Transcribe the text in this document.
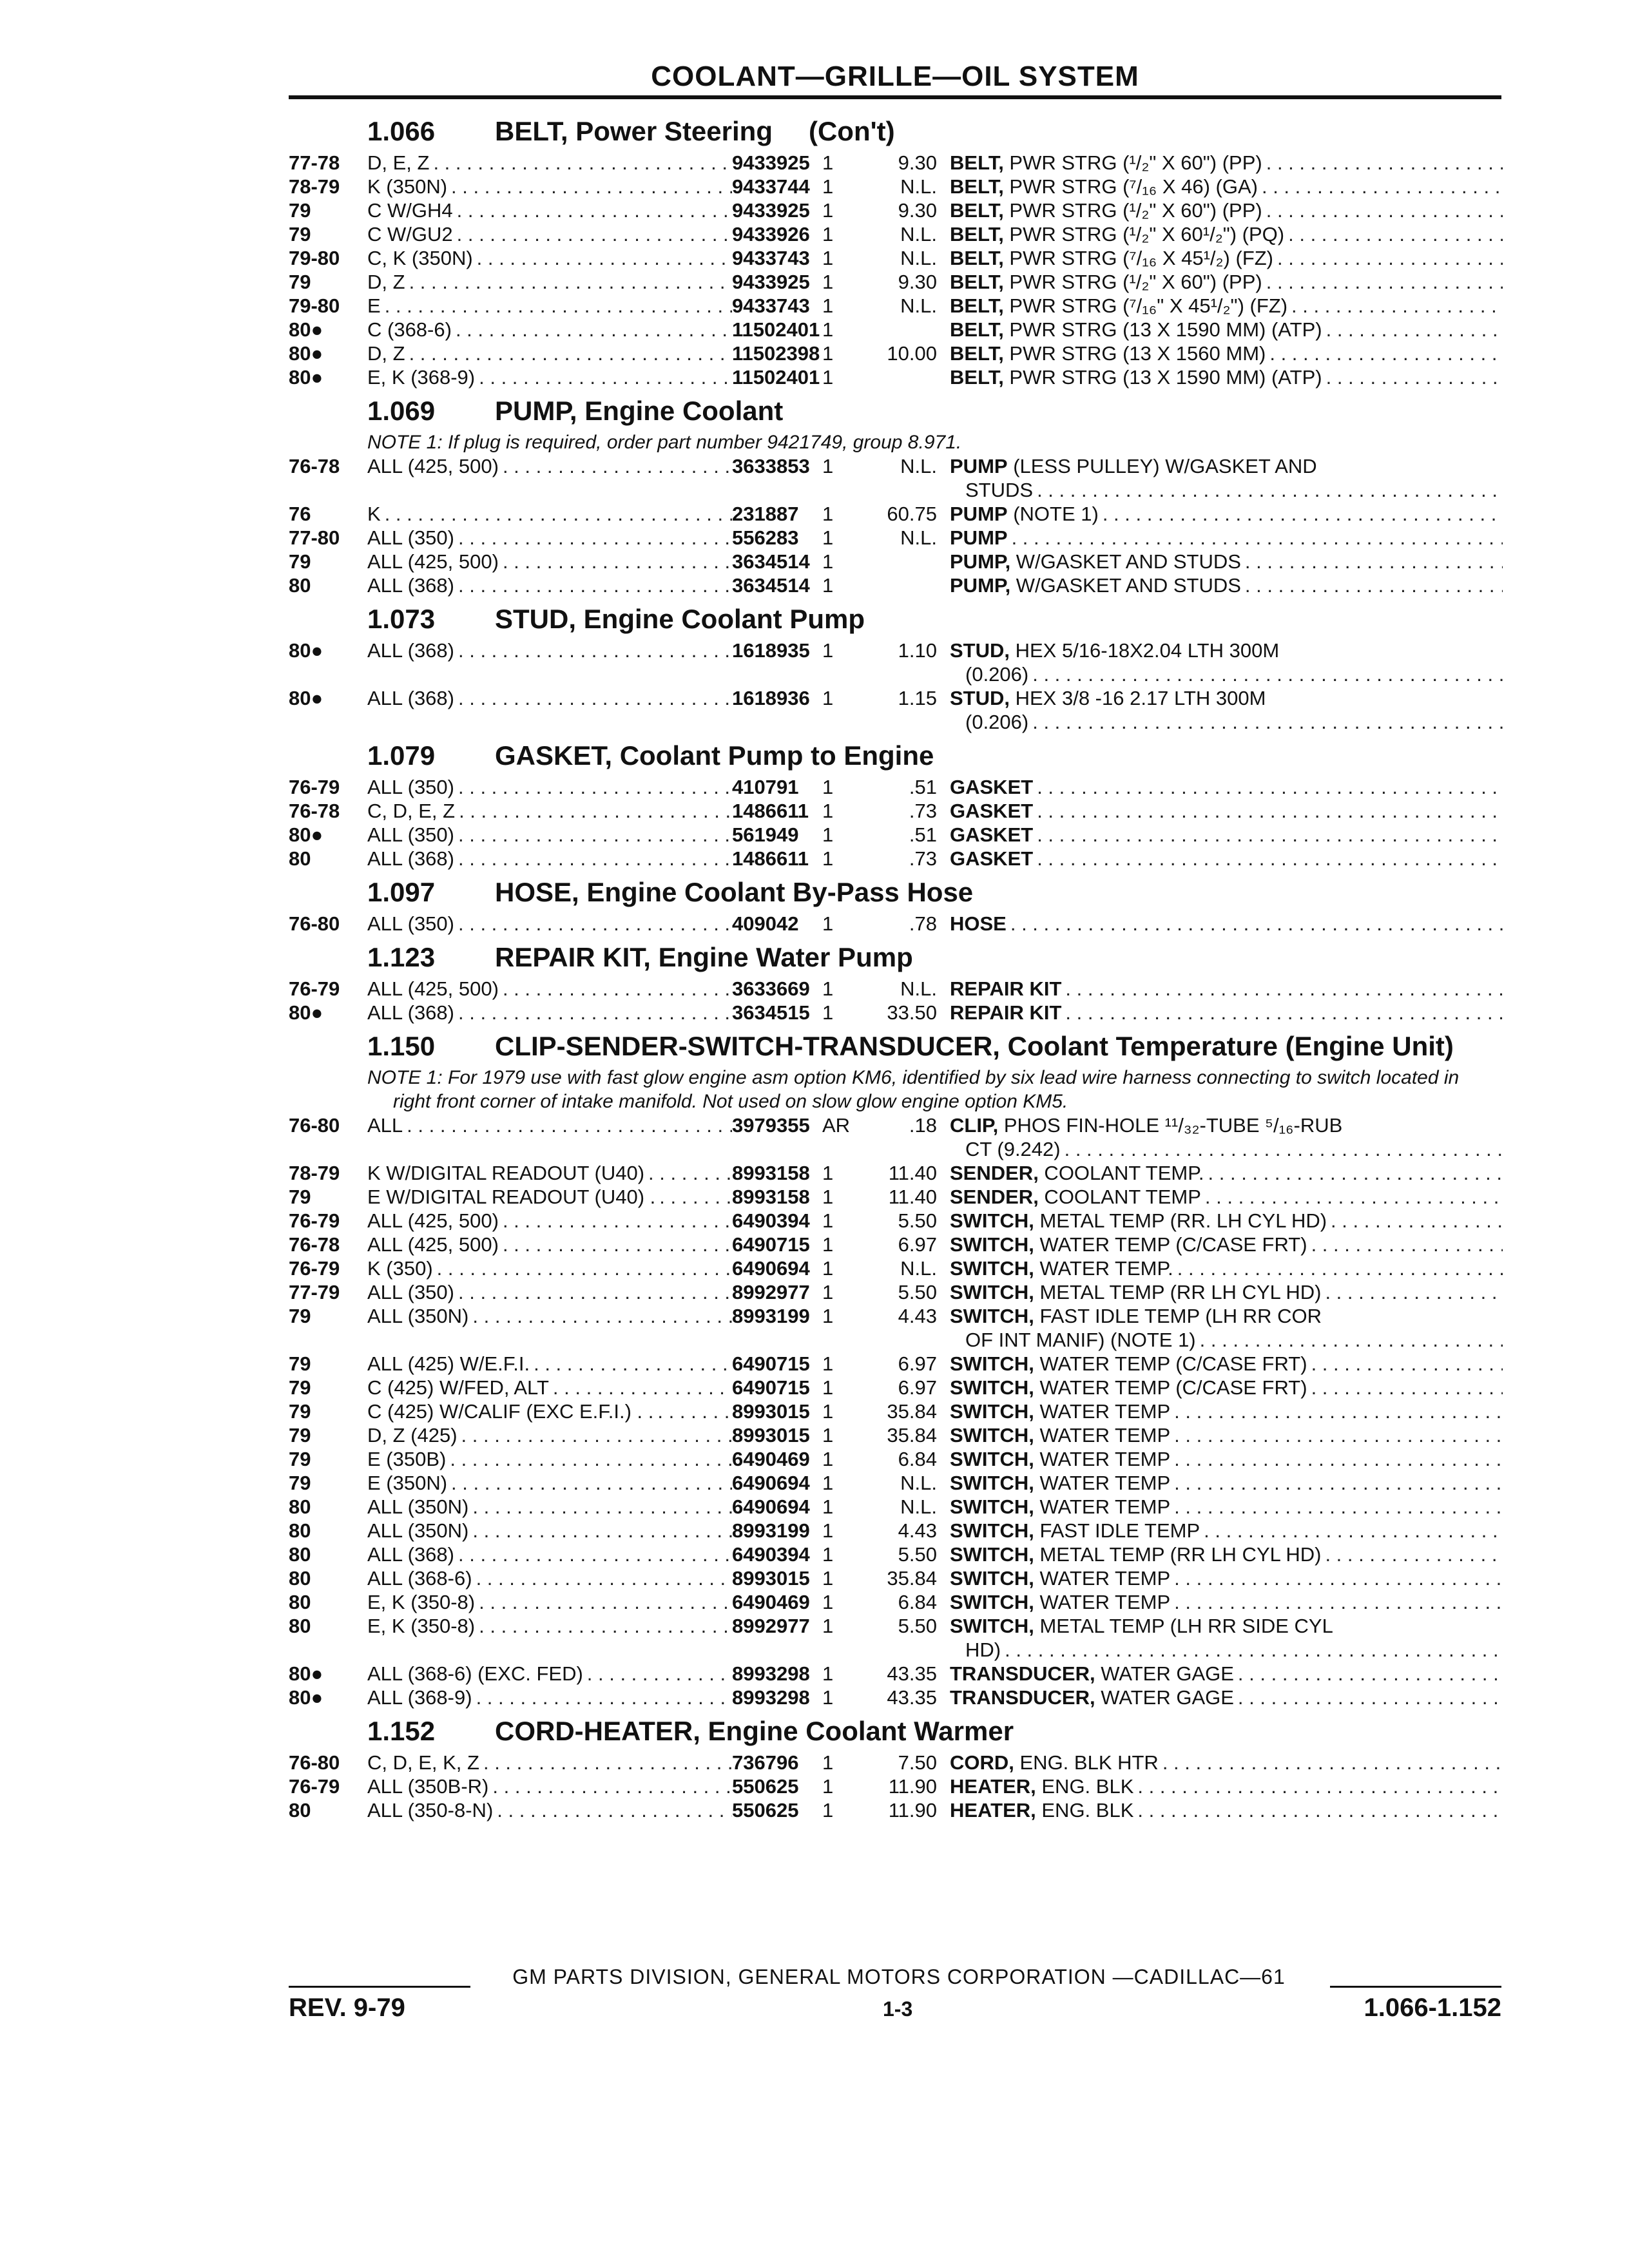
COOLANT—GRILLE—OIL SYSTEM
1.066	BELT, Power Steering (Con't)
77-78	D, E, Z . . .	9433925 1	9.30 BELT, PWR STRG (¹/₂" X 60") (PP)
. . .
78-79	K (350N) . . .	9433744 1	N.L. BELT, PWR STRG (⁷/₁₆ X 46) (GA)
. . .
79	C W/GH4 . . .	9433925 1	9.30 BELT, PWR STRG (¹/₂" X 60") (PP)
. . .
79	C W/GU2 . . .	9433926 1	N.L. BELT, PWR STRG (¹/₂" X 60¹/₂") (PQ)
. . .
79-80	C, K (350N) . . .	9433743 1	N.L. BELT, PWR STRG (⁷/₁₆ X 45¹/₂) (FZ)
. . .
79	D, Z . . .	9433925 1	9.30 BELT, PWR STRG (¹/₂" X 60") (PP)
. . .
79-80	E . . .	9433743 1	N.L. BELT, PWR STRG (⁷/₁₆" X 45¹/₂") (FZ)
. . .
80●	C (368-6) . . .	11502401 1	BELT, PWR STRG (13 X 1590 MM) (ATP)
. . .
80●	D, Z . . .	11502398 1	10.00 BELT, PWR STRG (13 X 1560 MM)
. . .
80●	E, K (368-9) . . .	11502401 1	BELT, PWR STRG (13 X 1590 MM) (ATP)
. . .
1.069	PUMP, Engine Coolant
NOTE 1: If plug is required, order part number 9421749, group 8.971.
76-78	ALL (425, 500) . . .	3633853 1	N.L. PUMP (LESS PULLEY) W/GASKET AND
STUDS
. . .
76	K . . .	231887	1	60.75 PUMP (NOTE 1)
. . .
77-80	ALL (350) . . .	556283	1	N.L. PUMP
. . .
79	ALL (425, 500) . . .	3634514 1	PUMP, W/GASKET AND STUDS
. . .
80	ALL (368) . . .	3634514 1	PUMP, W/GASKET AND STUDS
. . .
1.073	STUD, Engine Coolant Pump
80●	ALL (368) . . .	1618935 1	1.10 STUD, HEX 5/16-18X2.04 LTH 300M
(0.206)
. . .
80●	ALL (368) . . .	1618936 1	1.15 STUD, HEX 3/8 -16 2.17 LTH 300M
(0.206)
. . .
1.079	GASKET, Coolant Pump to Engine
76-79	ALL (350) . . .	410791	1	.51 GASKET
. . .
76-78	C, D, E, Z . . .	1486611 1	.73 GASKET
. . .
80●	ALL (350) . . .	561949	1	.51 GASKET
. . .
80	ALL (368) . . .	1486611 1	.73 GASKET
. . .
1.097	HOSE, Engine Coolant By-Pass Hose
76-80	ALL (350) . . .	409042	1	.78 HOSE
. . .
1.123	REPAIR KIT, Engine Water Pump
76-79	ALL (425, 500) . . .	3633669 1	N.L. REPAIR KIT
. . .
80●	ALL (368) . . .	3634515 1	33.50 REPAIR KIT
. . .
1.150	CLIP-SENDER-SWITCH-TRANSDUCER, Coolant Temperature (Engine Unit)
NOTE 1: For 1979 use with fast glow engine asm option KM6, identified by six lead wire harness connecting to switch located in right front corner of intake manifold. Not used on slow glow engine option KM5.
76-80	ALL . . .	3979355 AR	.18 CLIP, PHOS FIN-HOLE ¹¹/₃₂-TUBE ⁵/₁₆-RUB
CT (9.242)
. . .
78-79	K W/DIGITAL READOUT (U40) . . .	8993158 1	11.40 SENDER, COOLANT TEMP.
. . .
79	E W/DIGITAL READOUT (U40) . . . .	8993158 1	11.40 SENDER, COOLANT TEMP
. . .
76-79	ALL (425, 500) . . .	6490394 1	5.50 SWITCH, METAL TEMP (RR. LH CYL HD)
. . .
76-78	ALL (425, 500) . . .	6490715 1	6.97 SWITCH, WATER TEMP (C/CASE FRT)
. . .
76-79	K (350) . . .	6490694 1	N.L. SWITCH, WATER TEMP.
. . .
77-79	ALL (350) . . .	8992977 1	5.50 SWITCH, METAL TEMP (RR LH CYL HD)
. . .
79	ALL (350N) . . .	8993199 1	4.43 SWITCH, FAST IDLE TEMP (LH RR COR
OF INT MANIF) (NOTE 1)
. . .
79	ALL (425) W/E.F.I. . . .	6490715 1	6.97 SWITCH, WATER TEMP (C/CASE FRT)
. . .
79	C (425) W/FED, ALT . . .	6490715 1	6.97 SWITCH, WATER TEMP (C/CASE FRT)
. . .
79	C (425) W/CALIF (EXC E.F.I.) . . . . .	8993015 1	35.84 SWITCH, WATER TEMP
. . .
79	D, Z (425) . . .	8993015 1	35.84 SWITCH, WATER TEMP
. . .
79	E (350B) . . .	6490469 1	6.84 SWITCH, WATER TEMP
. . .
79	E (350N) . . .	6490694 1	N.L. SWITCH, WATER TEMP
. . .
80	ALL (350N) . . .	6490694 1	N.L. SWITCH, WATER TEMP
. . .
80	ALL (350N) . . .	8993199 1	4.43 SWITCH, FAST IDLE TEMP
. . .
80	ALL (368) . . .	6490394 1	5.50 SWITCH, METAL TEMP (RR LH CYL HD)
. . .
80	ALL (368-6) . . .	8993015 1	35.84 SWITCH, WATER TEMP
. . .
80	E, K (350-8) . . .	6490469 1	6.84 SWITCH, WATER TEMP
. . .
80	E, K (350-8) . . .	8992977 1	5.50 SWITCH, METAL TEMP (LH RR SIDE CYL
HD)
. . .
80●	ALL (368-6) (EXC. FED) . . .	8993298 1	43.35 TRANSDUCER, WATER GAGE
. . .
80●	ALL (368-9) . . .	8993298 1	43.35 TRANSDUCER, WATER GAGE
. . .
1.152	CORD-HEATER, Engine Coolant Warmer
76-80	C, D, E, K, Z . . .	736796	1	7.50 CORD, ENG. BLK HTR
. . .
76-79	ALL (350B-R) . . .	550625	1	11.90 HEATER, ENG. BLK
. . .
80	ALL (350-8-N) . . .	550625	1	11.90 HEATER, ENG. BLK
. . .
GM PARTS DIVISION, GENERAL MOTORS CORPORATION —CADILLAC—61
REV. 9-79	1-3	1.066-1.152
